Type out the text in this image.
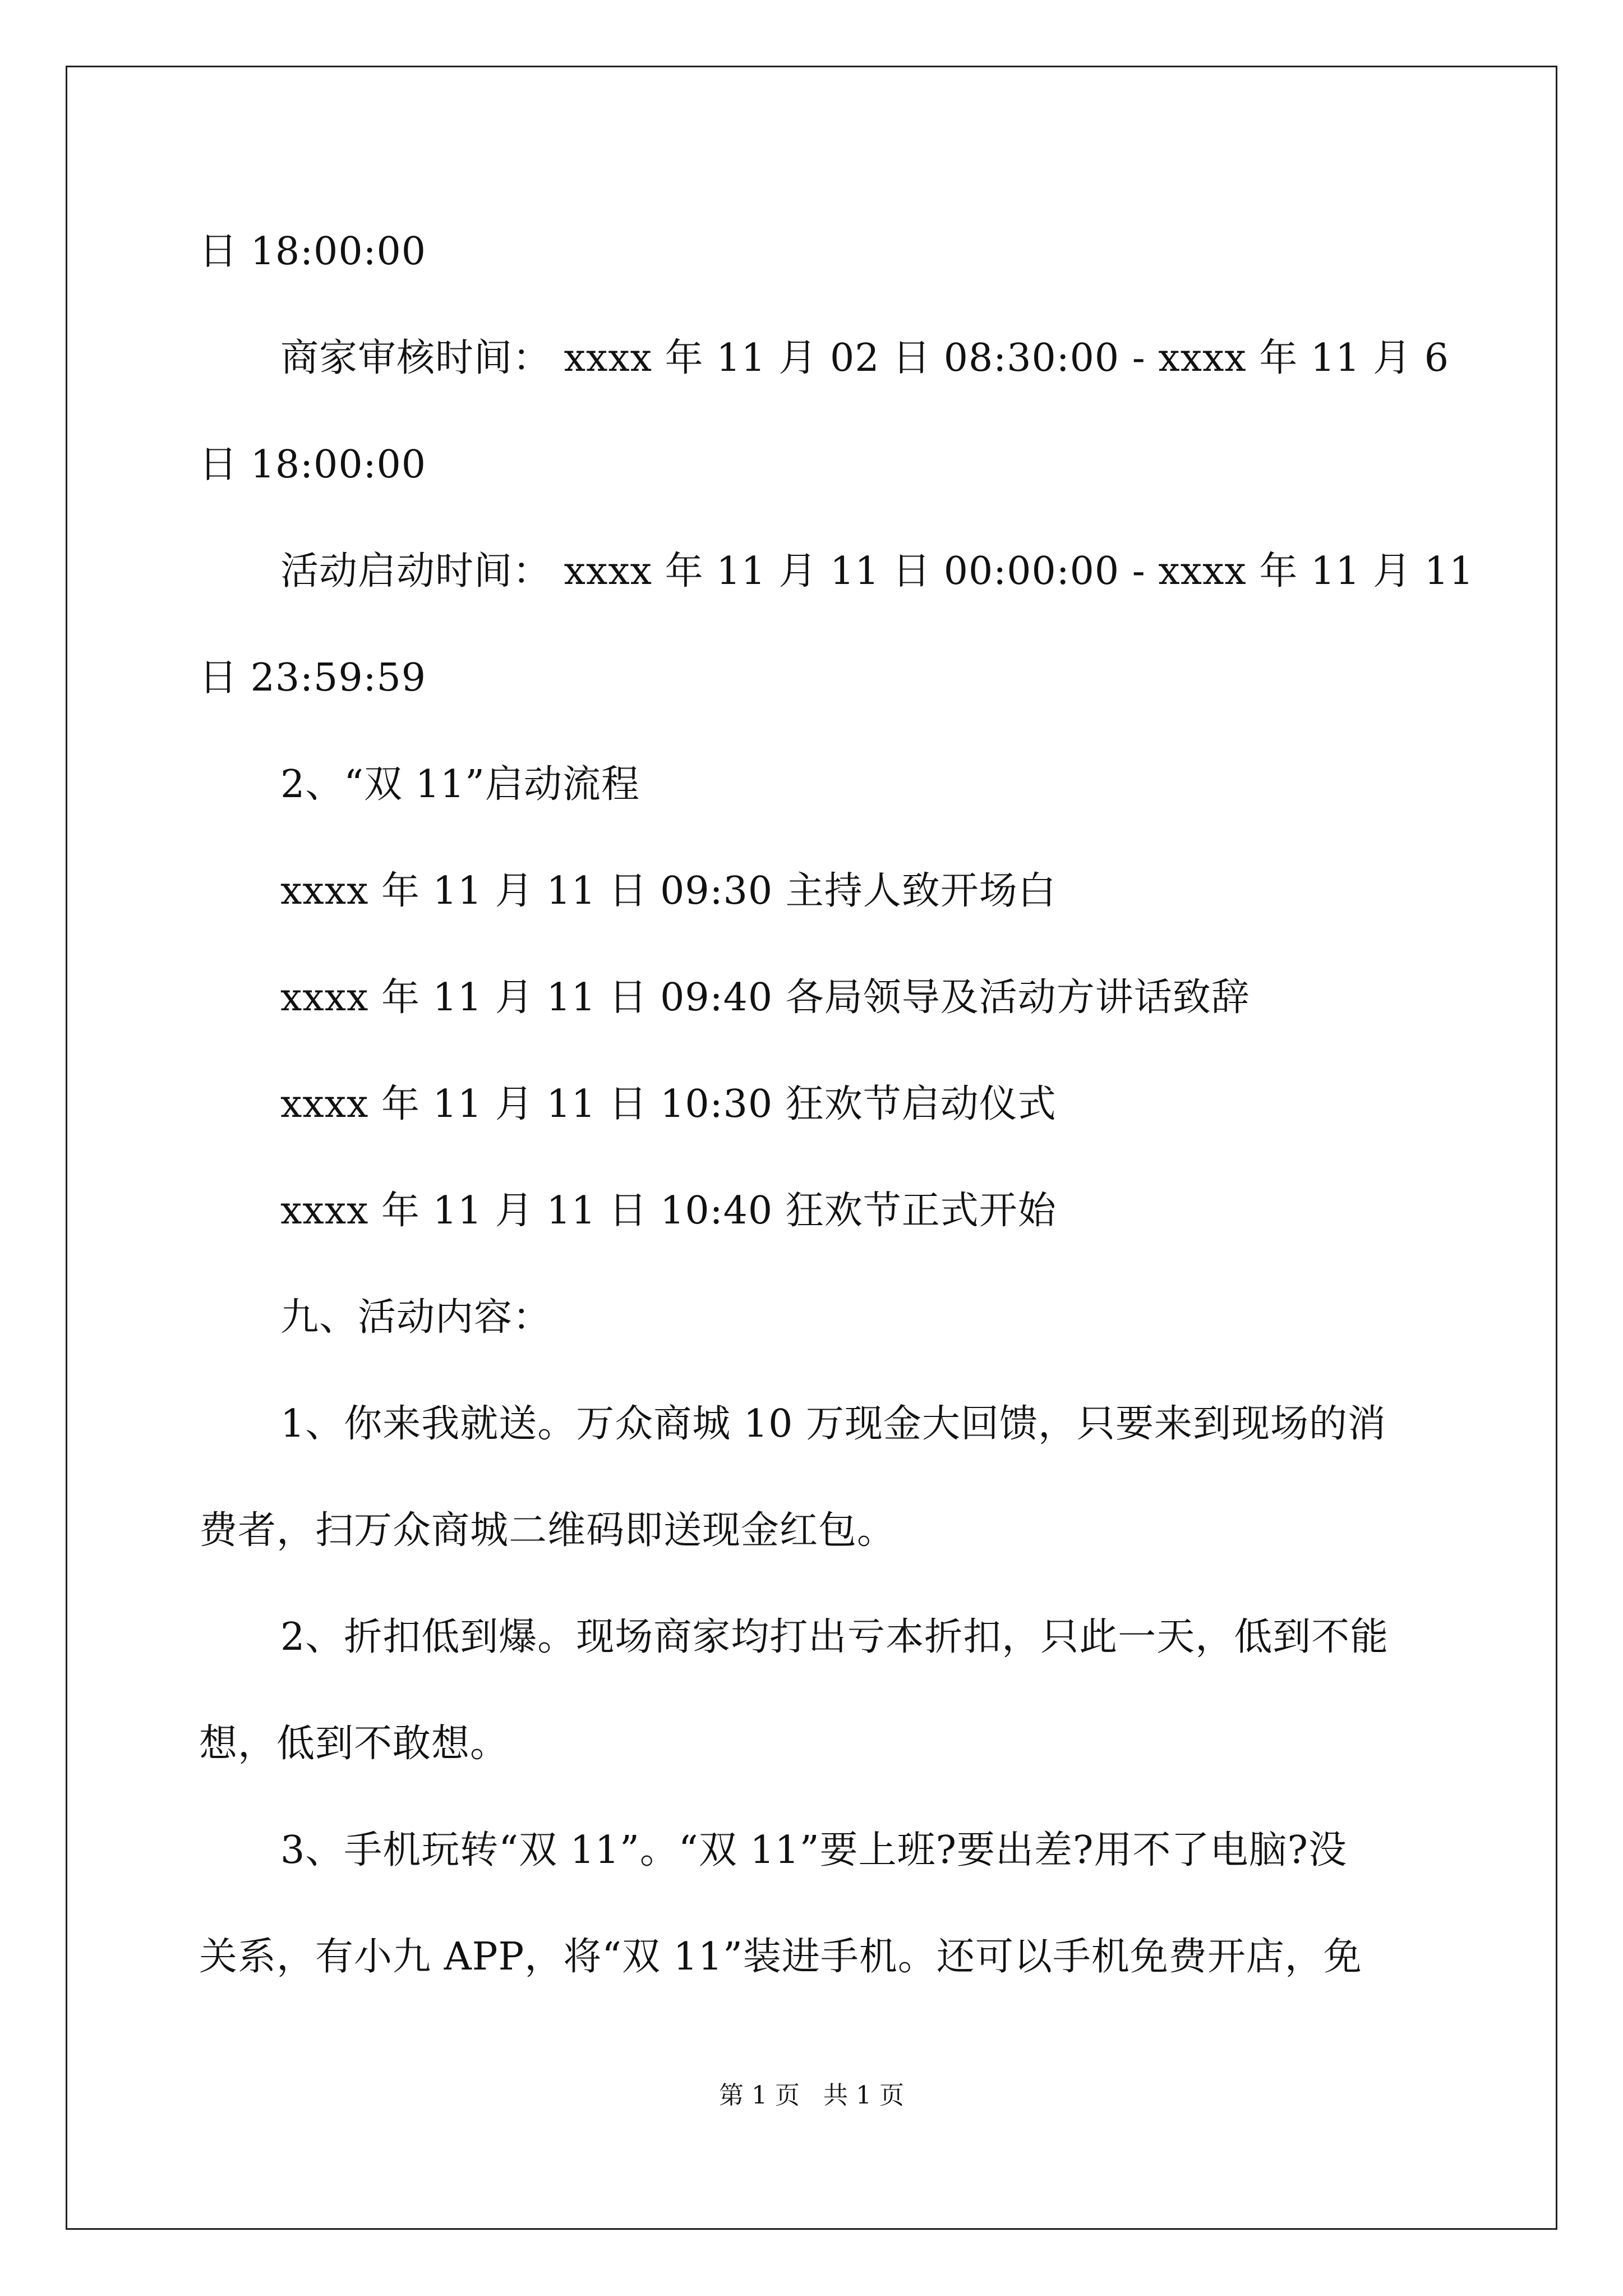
日 18:00:00
商家审核时间： xxxx 年 11 月 02 日 08:30:00 - xxxx 年 11 月 6
日 18:00:00
活动启动时间： xxxx 年 11 月 11 日 00:00:00 - xxxx 年 11 月 11
日 23:59:59
2、“双 11”启动流程
xxxx 年 11 月 11 日 09:30 主持人致开场白
xxxx 年 11 月 11 日 09:40 各局领导及活动方讲话致辞
xxxx 年 11 月 11 日 10:30 狂欢节启动仪式
xxxx 年 11 月 11 日 10:40 狂欢节正式开始
九、活动内容：
1、你来我就送。万众商城 10 万现金大回馈，只要来到现场的消
费者，扫万众商城二维码即送现金红包。
2、折扣低到爆。现场商家均打出亏本折扣，只此一天，低到不能
想，低到不敢想。
3、手机玩转“双 11”。“双 11”要上班?要出差?用不了电脑?没
关系，有小九 APP，将“双 11”装进手机。还可以手机免费开店，免
第 1 页   共 1 页
